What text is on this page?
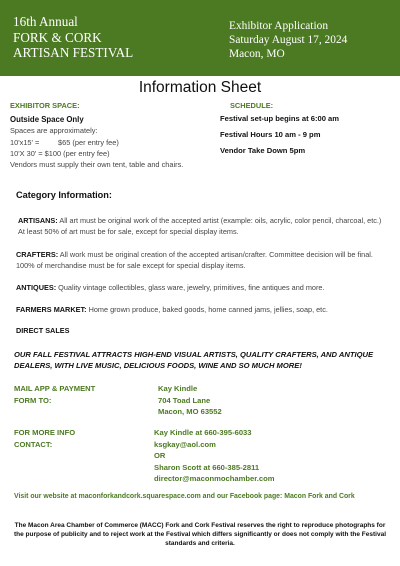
16th Annual
FORK & CORK
ARTISAN FESTIVAL
Exhibitor Application
Saturday August 17, 2024
Macon, MO
Information Sheet
EXHIBITOR SPACE:	SCHEDULE:
Outside Space Only
Spaces are approximately:
10'x15' =	$65 (per entry fee)
10'X 30' = $100 (per entry fee)
Vendors must supply their own tent, table and chairs.
Festival set-up begins at 6:00 am
Festival Hours 10 am - 9 pm
Vendor Take Down 5pm
Category Information:
ARTISANS: All art must be original work of the accepted artist (example: oils, acrylic, color pencil, charcoal, etc.) At least 50% of art must be for sale, except for special display items.
CRAFTERS: All work must be original creation of the accepted artisan/crafter. Committee decision will be final. 100% of merchandise must be for sale except for special display items.
ANTIQUES: Quality vintage collectibles, glass ware, jewelry, primitives, fine antiques and more.
FARMERS MARKET: Home grown produce, baked goods, home canned jams, jellies, soap, etc.
DIRECT SALES
OUR FALL FESTIVAL ATTRACTS HIGH-END VISUAL ARTISTS, QUALITY CRAFTERS, AND ANTIQUE DEALERS, WITH LIVE MUSIC, DELICIOUS FOODS, WINE AND SO MUCH MORE!
MAIL APP & PAYMENT
FORM TO:
Kay Kindle
704 Toad Lane
Macon, MO 63552
FOR MORE INFO
CONTACT:
Kay Kindle at 660-395-6033
ksgkay@aol.com
OR
Sharon Scott at 660-385-2811
director@maconmochamber.com
Visit our website at maconforkandcork.squarespace.com and our Facebook page: Macon Fork and Cork
The Macon Area Chamber of Commerce (MACC) Fork and Cork Festival reserves the right to reproduce photographs for the purpose of publicity and to reject work at the Festival which differs significantly or does not comply with the Festival standards and criteria.
